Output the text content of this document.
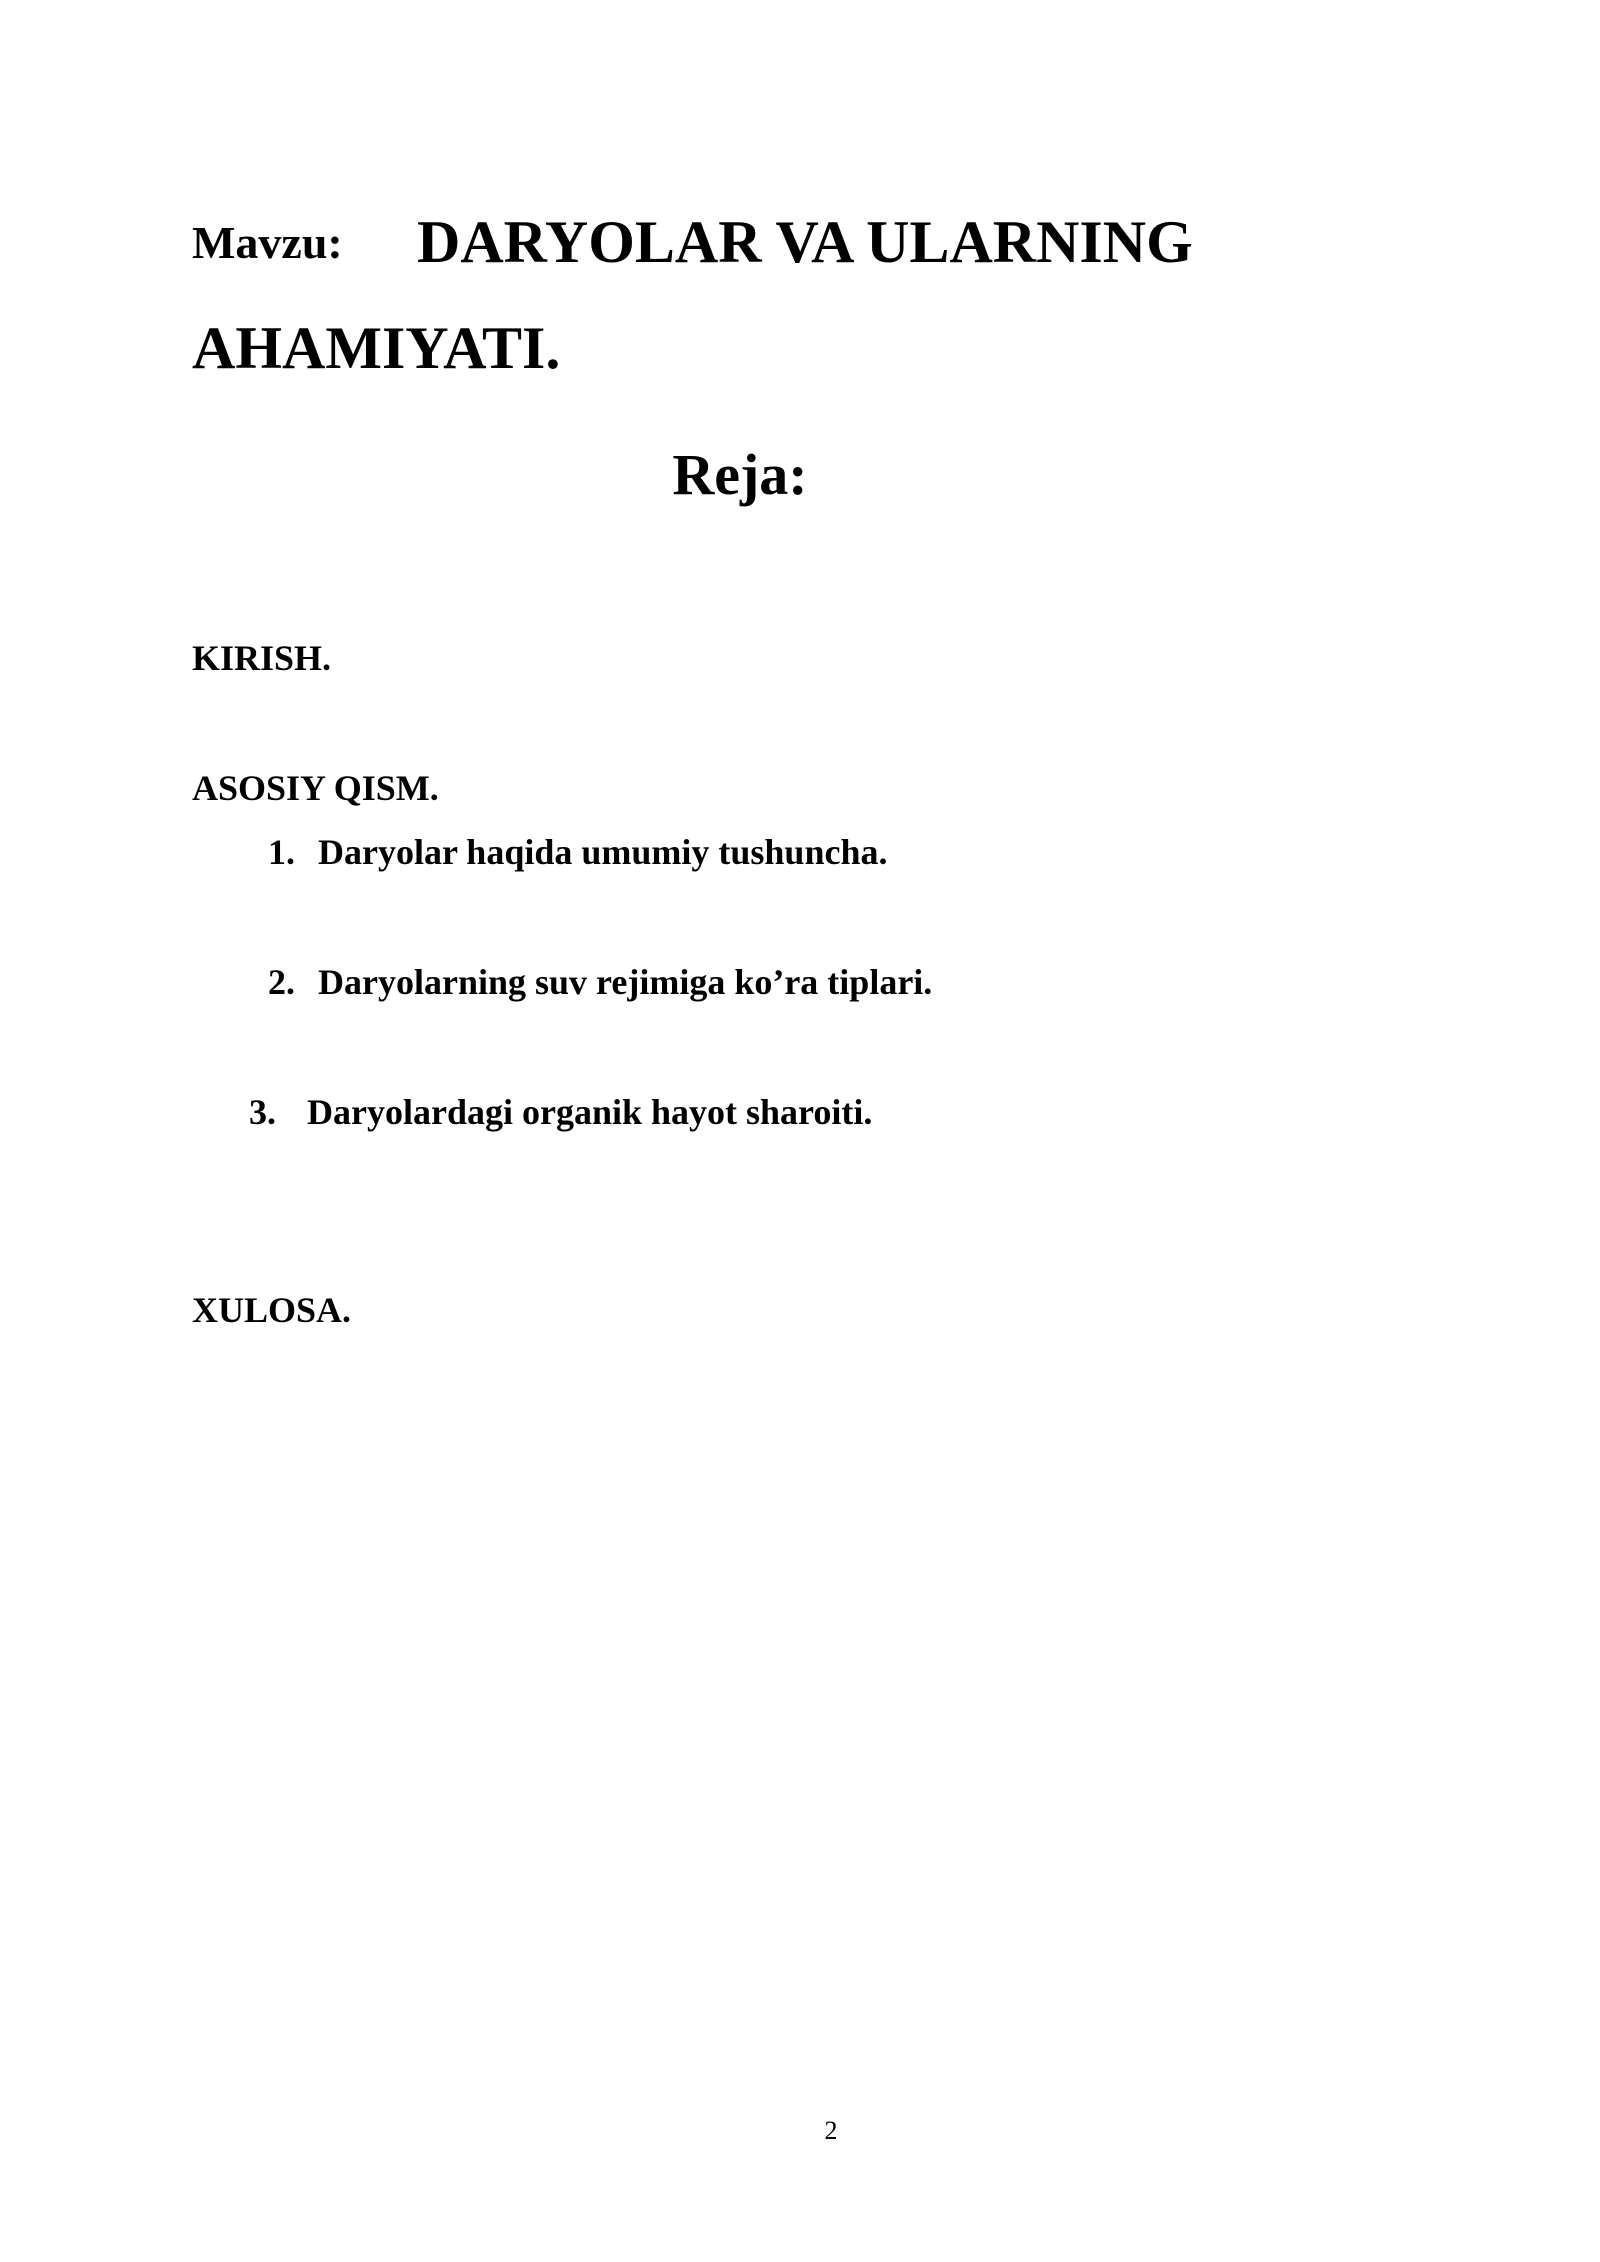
Mavzu: DARYOLAR VA ULARNING
AHAMIYATI.
Reja:
KIRISH.
ASOSIY QISM.
1. Daryolar haqida umumiy tushuncha.
2. Daryolarning suv rejimiga ko’ra tiplari.
3. Daryolardagi organik hayot sharoiti.
XULOSA.
2
